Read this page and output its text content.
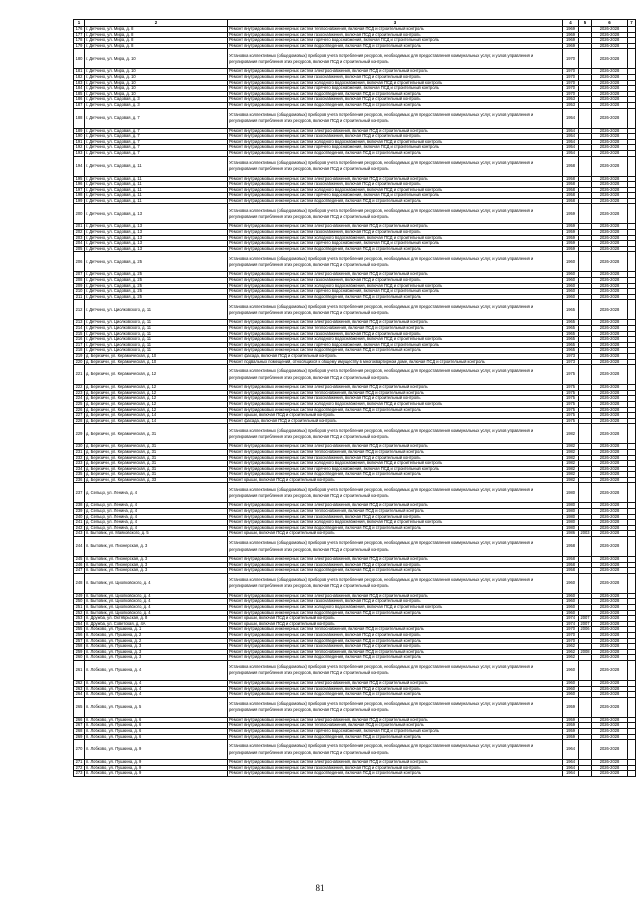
1	2	3	4	5	6	7
176	г. Детчино, ул. Мира, д. 8	Ремонт внутридомовых инженерных систем теплоснабжения, включая ПСД и строительный контроль	1969		2026-2028	
177	г. Детчино, ул. Мира, д. 8	Ремонт внутридомовых инженерных систем газоснабжения, включая ПСД и строительный контроль	1969		2026-2028	
178	г. Детчино, ул. Мира, д. 8	Ремонт внутридомовых инженерных систем горячего водоснабжения, включая ПСД и строительный контроль	1969		2026-2028	
179	г. Детчино, ул. Мира, д. 8	Ремонт внутридомовых инженерных систем водоотведения, включая ПСД и строительный контроль	1969		2026-2028	
180	г. Детчино, ул. Мира, д. 10	Установка коллективных (общедомовых) приборов учета потребления ресурсов, необходимых для предоставления коммунальных услуг, и узлов управления и регулирования потребления этих ресурсов, включая ПСД и строительный контроль	1970		2026-2028	
181	г. Детчино, ул. Мира, д. 10	Ремонт внутридомовых инженерных систем электроснабжения, включая ПСД и строительный контроль	1970		2026-2028	
182	г. Детчино, ул. Мира, д. 10	Ремонт внутридомовых инженерных систем газоснабжения, включая ПСД и строительный контроль	1970		2026-2028	
183	г. Детчино, ул. Мира, д. 10	Ремонт внутридомовых инженерных систем холодного водоснабжения, включая ПСД и строительный контроль	1970		2026-2028	
184	г. Детчино, ул. Мира, д. 10	Ремонт внутридомовых инженерных систем горячего водоснабжения, включая ПСД и строительный контроль	1970		2026-2028	
185	г. Детчино, ул. Мира, д. 10	Ремонт внутридомовых инженерных систем водоотведения, включая ПСД и строительный контроль	1970		2026-2028	
186	г. Детчино, ул. Садовая, д. 3	Ремонт внутридомовых инженерных систем газоснабжения, включая ПСД и строительный контроль	1953		2026-2028	
187	г. Детчино, ул. Садовая, д. 3	Ремонт внутридомовых инженерных систем водоотведения, включая ПСД и строительный контроль	1953		2026-2028	
188	г. Детчино, ул. Садовая, д. 7	Установка коллективных (общедомовых) приборов учета потребления ресурсов, необходимых для предоставления коммунальных услуг, и узлов управления и регулирования потребления этих ресурсов, включая ПСД и строительный контроль	1954		2026-2028	
189	г. Детчино, ул. Садовая, д. 7	Ремонт внутридомовых инженерных систем электроснабжения, включая ПСД и строительный контроль	1954		2026-2028	
190	г. Детчино, ул. Садовая, д. 7	Ремонт внутридомовых инженерных систем газоснабжения, включая ПСД и строительный контроль	1954		2026-2028	
191	г. Детчино, ул. Садовая, д. 7	Ремонт внутридомовых инженерных систем холодного водоснабжения, включая ПСД и строительный контроль	1954		2026-2028	
192	г. Детчино, ул. Садовая, д. 7	Ремонт внутридомовых инженерных систем горячего водоснабжения, включая ПСД и строительный контроль	1954		2026-2028	
193	г. Детчино, ул. Садовая, д. 7	Ремонт внутридомовых инженерных систем водоотведения, включая ПСД и строительный контроль	1954		2026-2028	
194	г. Детчино, ул. Садовая, д. 11	Установка коллективных (общедомовых) приборов учета потребления ресурсов, необходимых для предоставления коммунальных услуг, и узлов управления и регулирования потребления этих ресурсов, включая ПСД и строительный контроль	1958		2026-2028	
195	г. Детчино, ул. Садовая, д. 11	Ремонт внутридомовых инженерных систем электроснабжения, включая ПСД и строительный контроль	1958		2026-2028	
196	г. Детчино, ул. Садовая, д. 11	Ремонт внутридомовых инженерных систем газоснабжения, включая ПСД и строительный контроль	1958		2026-2028	
197	г. Детчино, ул. Садовая, д. 11	Ремонт внутридомовых инженерных систем холодного водоснабжения, включая ПСД и строительный контроль	1958		2026-2028	
198	г. Детчино, ул. Садовая, д. 11	Ремонт внутридомовых инженерных систем горячего водоснабжения, включая ПСД и строительный контроль	1958		2026-2028	
199	г. Детчино, ул. Садовая, д. 11	Ремонт внутридомовых инженерных систем водоотведения, включая ПСД и строительный контроль	1958		2026-2028	
200	г. Детчино, ул. Садовая, д. 13	Установка коллективных (общедомовых) приборов учета потребления ресурсов, необходимых для предоставления коммунальных услуг, и узлов управления и регулирования потребления этих ресурсов, включая ПСД и строительный контроль	1959		2026-2028	
201	г. Детчино, ул. Садовая, д. 13	Ремонт внутридомовых инженерных систем электроснабжения, включая ПСД и строительный контроль	1959		2026-2028	
202	г. Детчино, ул. Садовая, д. 13	Ремонт внутридомовых инженерных систем газоснабжения, включая ПСД и строительный контроль	1959		2026-2028	
203	г. Детчино, ул. Садовая, д. 13	Ремонт внутридомовых инженерных систем холодного водоснабжения, включая ПСД и строительный контроль	1959		2026-2028	
204	г. Детчино, ул. Садовая, д. 13	Ремонт внутридомовых инженерных систем горячего водоснабжения, включая ПСД и строительный контроль	1959		2026-2028	
205	г. Детчино, ул. Садовая, д. 13	Ремонт внутридомовых инженерных систем водоотведения, включая ПСД и строительный контроль	1959		2026-2028	
206	г. Детчино, ул. Садовая, д. 25	Установка коллективных (общедомовых) приборов учета потребления ресурсов, необходимых для предоставления коммунальных услуг, и узлов управления и регулирования потребления этих ресурсов, включая ПСД и строительный контроль	1960		2026-2028	
207	г. Детчино, ул. Садовая, д. 25	Ремонт внутридомовых инженерных систем электроснабжения, включая ПСД и строительный контроль	1960		2026-2028	
208	г. Детчино, ул. Садовая, д. 25	Ремонт внутридомовых инженерных систем газоснабжения, включая ПСД и строительный контроль	1960		2026-2028	
209	г. Детчино, ул. Садовая, д. 25	Ремонт внутридомовых инженерных систем холодного водоснабжения, включая ПСД и строительный контроль	1960		2026-2028	
210	г. Детчино, ул. Садовая, д. 25	Ремонт внутридомовых инженерных систем горячего водоснабжения, включая ПСД и строительный контроль	1960		2026-2028	
211	г. Детчино, ул. Садовая, д. 25	Ремонт внутридомовых инженерных систем водоотведения, включая ПСД и строительный контроль	1960		2026-2028	
212	г. Детчино, ул. Циолковского, д. 11	Установка коллективных (общедомовых) приборов учета потребления ресурсов, необходимых для предоставления коммунальных услуг, и узлов управления и регулирования потребления этих ресурсов, включая ПСД и строительный контроль	1965		2026-2028	
213	г. Детчино, ул. Циолковского, д. 11	Ремонт внутридомовых инженерных систем электроснабжения, включая ПСД и строительный контроль	1965		2026-2028	
214	г. Детчино, ул. Циолковского, д. 11	Ремонт внутридомовых инженерных систем теплоснабжения, включая ПСД и строительный контроль	1965		2026-2028	
215	г. Детчино, ул. Циолковского, д. 11	Ремонт внутридомовых инженерных систем газоснабжения, включая ПСД и строительный контроль	1965		2026-2028	
216	г. Детчино, ул. Циолковского, д. 11	Ремонт внутридомовых инженерных систем холодного водоснабжения, включая ПСД и строительный контроль	1965		2026-2028	
217	г. Детчино, ул. Циолковского, д. 11	Ремонт внутридомовых инженерных систем горячего водоснабжения, включая ПСД и строительный контроль	1965		2026-2028	
218	г. Детчино, ул. Циолковского, д. 11	Ремонт внутридомовых инженерных систем водоотведения, включая ПСД и строительный контроль	1965		2026-2028	
219	д. Березичи, ул. Керамическая, д. 10	Ремонт фасада, включая ПСД и строительный контроль	1973		2026-2028	
220	д. Березичи, ул. Керамическая, д. 10	Ремонт подвальных помещений, относящихся к общему имуществу в многоквартирном доме, включая ПСД и строительный контроль	1973		2026-2028	
221	д. Березичи, ул. Керамическая, д. 12	Установка коллективных (общедомовых) приборов учета потребления ресурсов, необходимых для предоставления коммунальных услуг, и узлов управления и регулирования потребления этих ресурсов, включая ПСД и строительный контроль	1975		2026-2028	
222	д. Березичи, ул. Керамическая, д. 12	Ремонт внутридомовых инженерных систем электроснабжения, включая ПСД и строительный контроль	1975		2026-2028	
223	д. Березичи, ул. Керамическая, д. 12	Ремонт внутридомовых инженерных систем теплоснабжения, включая ПСД и строительный контроль	1975		2026-2028	
224	д. Березичи, ул. Керамическая, д. 12	Ремонт внутридомовых инженерных систем газоснабжения, включая ПСД и строительный контроль	1975		2026-2028	
225	д. Березичи, ул. Керамическая, д. 12	Ремонт внутридомовых инженерных систем холодного водоснабжения, включая ПСД и строительный контроль	1975		2026-2028	
226	д. Березичи, ул. Керамическая, д. 12	Ремонт внутридомовых инженерных систем водоотведения, включая ПСД и строительный контроль	1975		2026-2028	
227	д. Березичи, ул. Керамическая, д. 14	Ремонт крыши, включая ПСД и строительный контроль	1975		2026-2028	
228	д. Березичи, ул. Керамическая, д. 14	Ремонт фасада, включая ПСД и строительный контроль	1975		2026-2028	
229	д. Березичи, ул. Керамическая, д. 31	Установка коллективных (общедомовых) приборов учета потребления ресурсов, необходимых для предоставления коммунальных услуг, и узлов управления и регулирования потребления этих ресурсов, включая ПСД и строительный контроль	1982		2026-2028	
230	д. Березичи, ул. Керамическая, д. 31	Ремонт внутридомовых инженерных систем электроснабжения, включая ПСД и строительный контроль	1982		2026-2028	
231	д. Березичи, ул. Керамическая, д. 31	Ремонт внутридомовых инженерных систем теплоснабжения, включая ПСД и строительный контроль	1982		2026-2028	
232	д. Березичи, ул. Керамическая, д. 31	Ремонт внутридомовых инженерных систем газоснабжения, включая ПСД и строительный контроль	1982		2026-2028	
233	д. Березичи, ул. Керамическая, д. 31	Ремонт внутридомовых инженерных систем холодного водоснабжения, включая ПСД и строительный контроль	1982		2026-2028	
234	д. Березичи, ул. Керамическая, д. 31	Ремонт внутридомовых инженерных систем горячего водоснабжения, включая ПСД и строительный контроль	1982		2026-2028	
235	д. Березичи, ул. Керамическая, д. 31	Ремонт внутридомовых инженерных систем водоотведения, включая ПСД и строительный контроль	1982		2026-2028	
236	д. Березичи, ул. Керамическая, д. 33	Ремонт крыши, включая ПСД и строительный контроль	1982		2026-2028	
237	д. Сельцо, ул. Ленина, д. 4	Установка коллективных (общедомовых) приборов учета потребления ресурсов, необходимых для предоставления коммунальных услуг, и узлов управления и регулирования потребления этих ресурсов, включая ПСД и строительный контроль	1980		2026-2028	
238	д. Сельцо, ул. Ленина, д. 4	Ремонт внутридомовых инженерных систем электроснабжения, включая ПСД и строительный контроль	1980		2026-2028	
239	д. Сельцо, ул. Ленина, д. 4	Ремонт внутридомовых инженерных систем теплоснабжения, включая ПСД и строительный контроль	1980		2026-2028	
240	д. Сельцо, ул. Ленина, д. 4	Ремонт внутридомовых инженерных систем газоснабжения, включая ПСД и строительный контроль	1980		2026-2028	
241	д. Сельцо, ул. Ленина, д. 4	Ремонт внутридомовых инженерных систем холодного водоснабжения, включая ПСД и строительный контроль	1980		2026-2028	
242	д. Сельцо, ул. Ленина, д. 4	Ремонт внутридомовых инженерных систем водоотведения, включая ПСД и строительный контроль	1980		2026-2028	
243	п. Бытовик, ул. Маяковского, д. 5	Ремонт крыши, включая ПСД и строительный контроль	1986	2003	2026-2028	
244	п. Бытовик, ул. Пионерская, д. 3	Установка коллективных (общедомовых) приборов учета потребления ресурсов, необходимых для предоставления коммунальных услуг, и узлов управления и регулирования потребления этих ресурсов, включая ПСД и строительный контроль	1958		2026-2028	
245	п. Бытовик, ул. Пионерская, д. 3	Ремонт внутридомовых инженерных систем электроснабжения, включая ПСД и строительный контроль	1958		2026-2028	
246	п. Бытовик, ул. Пионерская, д. 3	Ремонт внутридомовых инженерных систем газоснабжения, включая ПСД и строительный контроль	1958		2026-2028	
247	п. Бытовик, ул. Пионерская, д. 3	Ремонт внутридомовых инженерных систем водоотведения, включая ПСД и строительный контроль	1958		2026-2028	
248	п. Бытовик, ул. Циолковского, д. 4	Установка коллективных (общедомовых) приборов учета потребления ресурсов, необходимых для предоставления коммунальных услуг, и узлов управления и регулирования потребления этих ресурсов, включая ПСД и строительный контроль	1960		2026-2028	
249	п. Бытовик, ул. Циолковского, д. 4	Ремонт внутридомовых инженерных систем электроснабжения, включая ПСД и строительный контроль	1960		2026-2028	
250	п. Бытовик, ул. Циолковского, д. 4	Ремонт внутридомовых инженерных систем газоснабжения, включая ПСД и строительный контроль	1960		2026-2028	
251	п. Бытовик, ул. Циолковского, д. 4	Ремонт внутридомовых инженерных систем холодного водоснабжения, включая ПСД и строительный контроль	1960		2026-2028	
252	п. Бытовик, ул. Циолковского, д. 4	Ремонт внутридомовых инженерных систем водоотведения, включая ПСД и строительный контроль	1960		2026-2028	
253	п. Дружба, ул. Октябрьская, д. 8	Ремонт крыши, включая ПСД и строительный контроль	1974	2007	2026-2028	
254	п. Дружба, ул. Советская, д. 4А	Ремонт крыши, включая ПСД и строительный контроль	1974	2007	2026-2028	
255	п. Лобково, ул. Пушкина, д. 1	Ремонт внутридомовых инженерных систем теплоснабжения, включая ПСД и строительный контроль	1970	2006	2026-2028	
256	п. Лобково, ул. Пушкина, д. 2	Ремонт внутридомовых инженерных систем газоснабжения, включая ПСД и строительный контроль	1970		2026-2028	
257	п. Лобково, ул. Пушкина, д. 2	Ремонт внутридомовых инженерных систем водоотведения, включая ПСД и строительный контроль	1970		2026-2028	
258	п. Лобково, ул. Пушкина, д. 3	Ремонт внутридомовых инженерных систем газоснабжения, включая ПСД и строительный контроль	1962		2026-2028	
259	п. Лобково, ул. Пушкина, д. 3	Ремонт внутридомовых инженерных систем теплоснабжения, включая ПСД и строительный контроль	1962	2008	2026-2028	
260	п. Лобково, ул. Пушкина, д. 3	Ремонт внутридомовых инженерных систем водоотведения, включая ПСД и строительный контроль	1962		2026-2028	
261	п. Лобково, ул. Пушкина, д. 4	Установка коллективных (общедомовых) приборов учета потребления ресурсов, необходимых для предоставления коммунальных услуг, и узлов управления и регулирования потребления этих ресурсов, включая ПСД и строительный контроль	1960		2026-2028	
262	п. Лобково, ул. Пушкина, д. 4	Ремонт внутридомовых инженерных систем электроснабжения, включая ПСД и строительный контроль	1960		2026-2028	
263	п. Лобково, ул. Пушкина, д. 4	Ремонт внутридомовых инженерных систем газоснабжения, включая ПСД и строительный контроль	1960		2026-2028	
264	п. Лобково, ул. Пушкина, д. 4	Ремонт внутридомовых инженерных систем водоотведения, включая ПСД и строительный контроль	1960		2026-2028	
265	п. Лобково, ул. Пушкина, д. 5	Установка коллективных (общедомовых) приборов учета потребления ресурсов, необходимых для предоставления коммунальных услуг, и узлов управления и регулирования потребления этих ресурсов, включая ПСД и строительный контроль	1959		2026-2028	
266	п. Лобково, ул. Пушкина, д. 6	Ремонт внутридомовых инженерных систем электроснабжения, включая ПСД и строительный контроль	1959		2026-2028	
267	п. Лобково, ул. Пушкина, д. 6	Ремонт внутридомовых инженерных систем теплоснабжения, включая ПСД и строительный контроль	1959		2026-2028	
268	п. Лобково, ул. Пушкина, д. 6	Ремонт внутридомовых инженерных систем горячего водоснабжения, включая ПСД и строительный контроль	1959		2026-2028	
269	п. Лобково, ул. Пушкина, д. 6	Ремонт внутридомовых инженерных систем водоотведения, включая ПСД и строительный контроль	1959		2026-2028	
270	п. Лобково, ул. Пушкина, д. 9	Установка коллективных (общедомовых) приборов учета потребления ресурсов, необходимых для предоставления коммунальных услуг, и узлов управления и регулирования потребления этих ресурсов, включая ПСД и строительный контроль	1964		2026-2028	
271	п. Лобково, ул. Пушкина, д. 9	Ремонт внутридомовых инженерных систем электроснабжения, включая ПСД и строительный контроль	1964		2026-2028	
272	п. Лобково, ул. Пушкина, д. 9	Ремонт внутридомовых инженерных систем газоснабжения, включая ПСД и строительный контроль	1964		2026-2028	
273	п. Лобково, ул. Пушкина, д. 9	Ремонт внутридомовых инженерных систем водоотведения, включая ПСД и строительный контроль	1964		2026-2028	
81
